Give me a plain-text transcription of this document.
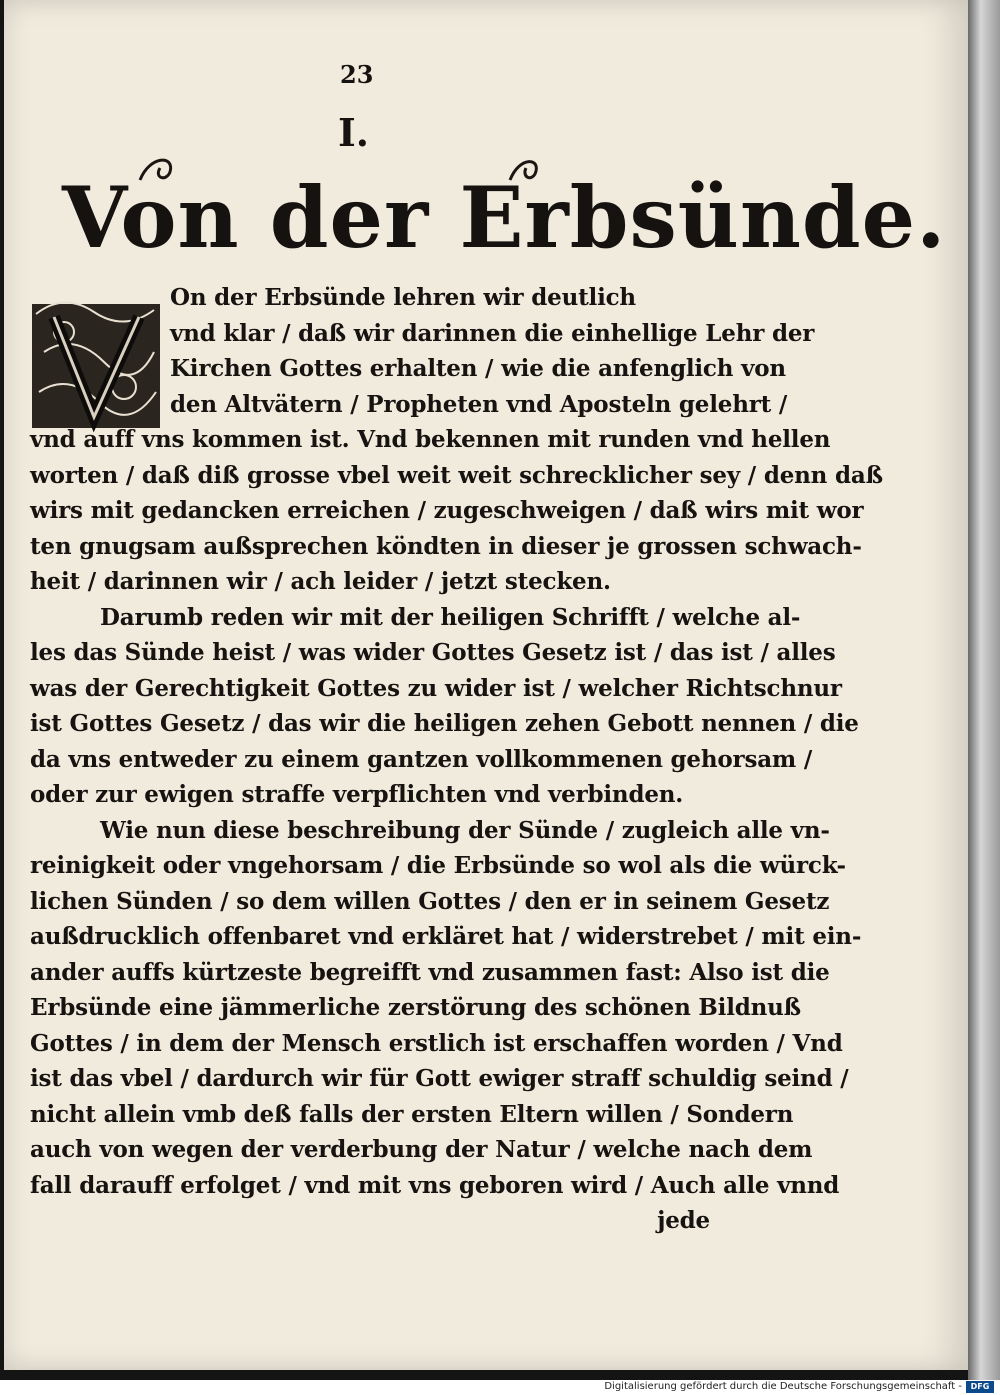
23
I.
Von der Erbsünde.
On der Erbsünde lehren wir deutlich
vnd klar / daß wir darinnen die einhellige Lehr der
Kirchen Gottes erhalten / wie die anfenglich von
den Altvätern / Propheten vnd Aposteln gelehrt /
vnd auff vns kommen ist. Vnd bekennen mit runden vnd hellen
worten / daß diß grosse vbel weit weit schrecklicher sey / denn daß
wirs mit gedancken erreichen / zugeschweigen / daß wirs mit wor
ten gnugsam außsprechen köndten in dieser je grossen schwach-
heit / darinnen wir / ach leider / jetzt stecken.
Darumb reden wir mit der heiligen Schrifft / welche al-
les das Sünde heist / was wider Gottes Gesetz ist / das ist / alles
was der Gerechtigkeit Gottes zu wider ist / welcher Richtschnur
ist Gottes Gesetz / das wir die heiligen zehen Gebott nennen / die
da vns entweder zu einem gantzen vollkommenen gehorsam /
oder zur ewigen straffe verpflichten vnd verbinden.
Wie nun diese beschreibung der Sünde / zugleich alle vn-
reinigkeit oder vngehorsam / die Erbsünde so wol als die würck-
lichen Sünden / so dem willen Gottes / den er in seinem Gesetz
außdrucklich offenbaret vnd erkläret hat / widerstrebet / mit ein-
ander auffs kürtzeste begreifft vnd zusammen fast: Also ist die
Erbsünde eine jämmerliche zerstörung des schönen Bildnuß
Gottes / in dem der Mensch erstlich ist erschaffen worden / Vnd
ist das vbel / dardurch wir für Gott ewiger straff schuldig seind /
nicht allein vmb deß falls der ersten Eltern willen / Sondern
auch von wegen der verderbung der Natur / welche nach dem
fall darauff erfolget / vnd mit vns geboren wird / Auch alle vnnd
jede
Digitalisierung gefördert durch die Deutsche Forschungsgemeinschaft -	DFG
